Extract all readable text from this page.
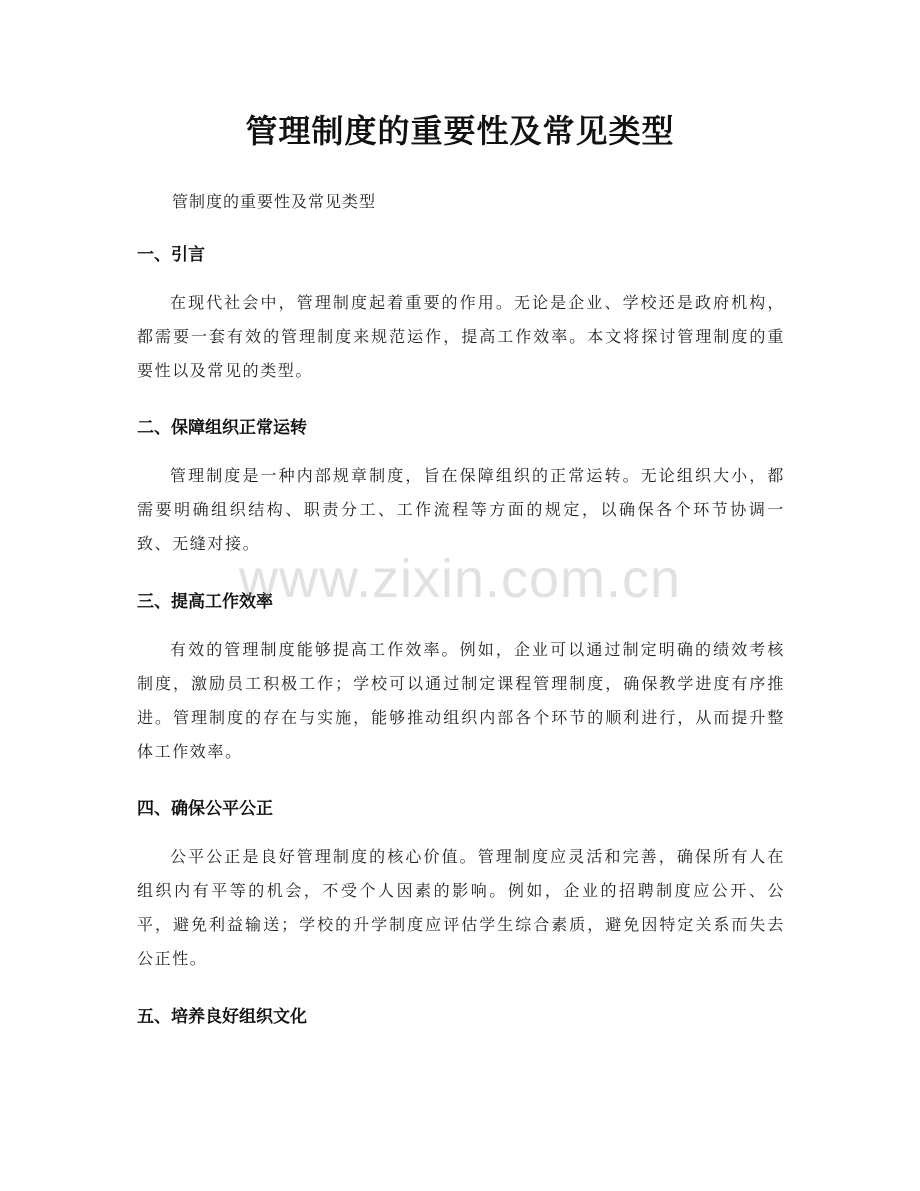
管理制度的重要性及常见类型
管制度的重要性及常见类型
一、引言
在现代社会中，管理制度起着重要的作用。无论是企业、学校还是政府机构，都需要一套有效的管理制度来规范运作，提高工作效率。本文将探讨管理制度的重要性以及常见的类型。
二、保障组织正常运转
管理制度是一种内部规章制度，旨在保障组织的正常运转。无论组织大小，都需要明确组织结构、职责分工、工作流程等方面的规定，以确保各个环节协调一致、无缝对接。
三、提高工作效率
有效的管理制度能够提高工作效率。例如，企业可以通过制定明确的绩效考核制度，激励员工积极工作；学校可以通过制定课程管理制度，确保教学进度有序推进。管理制度的存在与实施，能够推动组织内部各个环节的顺利进行，从而提升整体工作效率。
四、确保公平公正
公平公正是良好管理制度的核心价值。管理制度应灵活和完善，确保所有人在组织内有平等的机会，不受个人因素的影响。例如，企业的招聘制度应公开、公平，避免利益输送；学校的升学制度应评估学生综合素质，避免因特定关系而失去公正性。
五、培养良好组织文化
www.zixin.com.cn
